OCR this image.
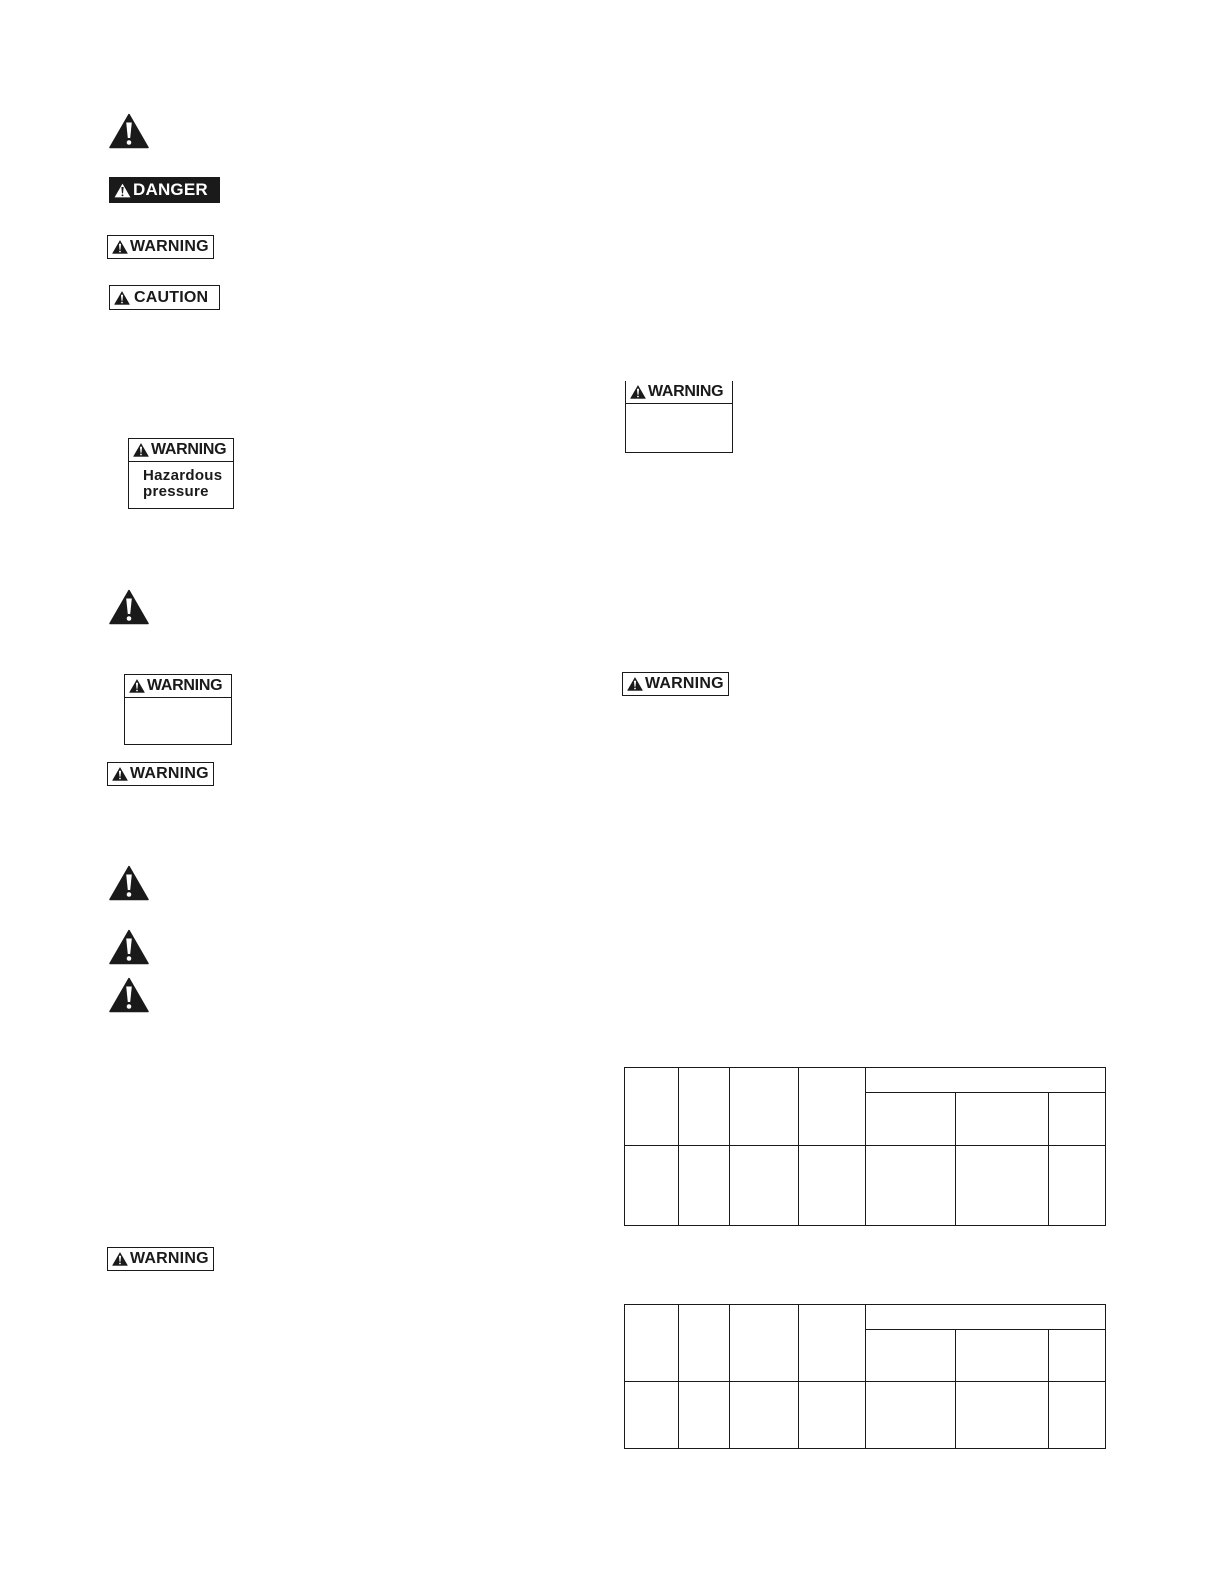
DANGER
WARNING
CAUTION
WARNING
Hazardous
pressure
WARNING
WARNING
WARNING
WARNING
WARNING
